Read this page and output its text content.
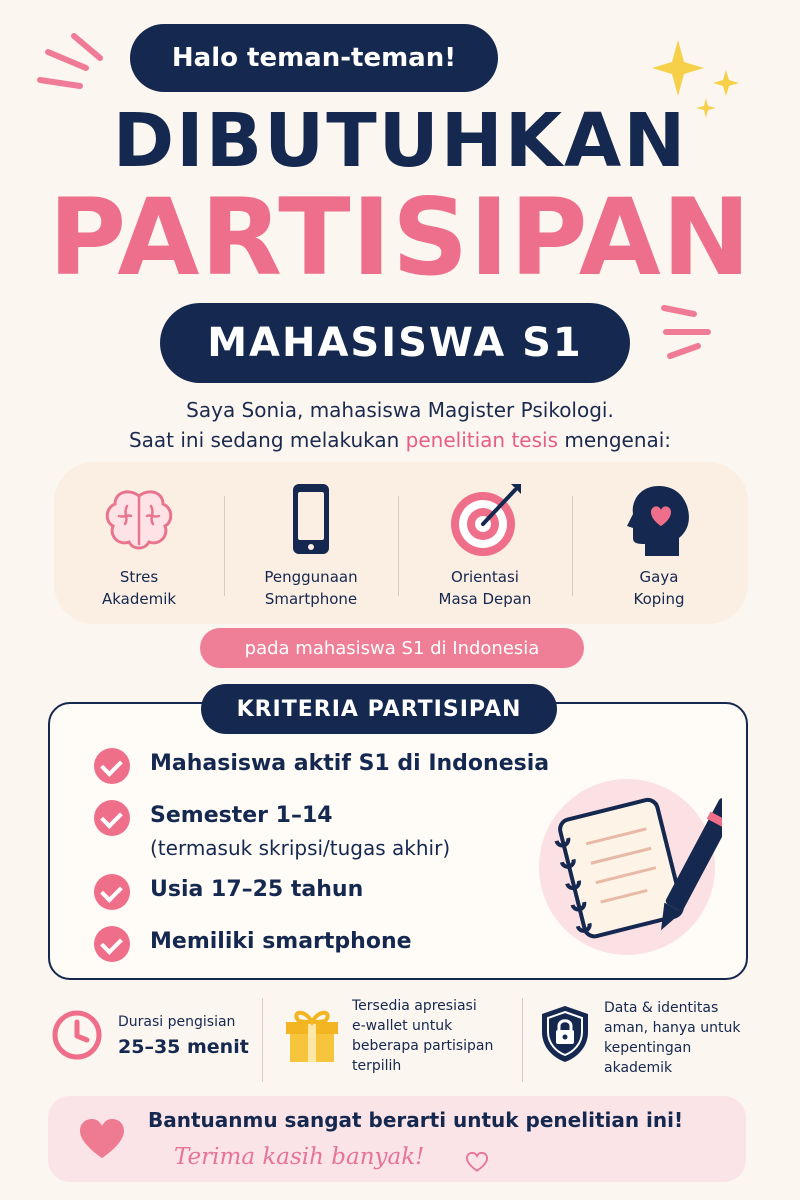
Halo teman-teman!
DIBUTUHKAN
PARTISIPAN
MAHASISWA S1
Saya Sonia, mahasiswa Magister Psikologi.
Saat ini sedang melakukan penelitian tesis mengenai:
Stres
Akademik
Penggunaan
Smartphone
Orientasi
Masa Depan
Gaya
Koping
pada mahasiswa S1 di Indonesia
KRITERIA PARTISIPAN
Mahasiswa aktif S1 di Indonesia
Semester 1–14
(termasuk skripsi/tugas akhir)
Usia 17–25 tahun
Memiliki smartphone
Durasi pengisian
25–35 menit
Tersedia apresiasi
e-wallet untuk
beberapa partisipan
terpilih
Data & identitas
aman, hanya untuk
kepentingan
akademik
Bantuanmu sangat berarti untuk penelitian ini!
Terima kasih banyak!
